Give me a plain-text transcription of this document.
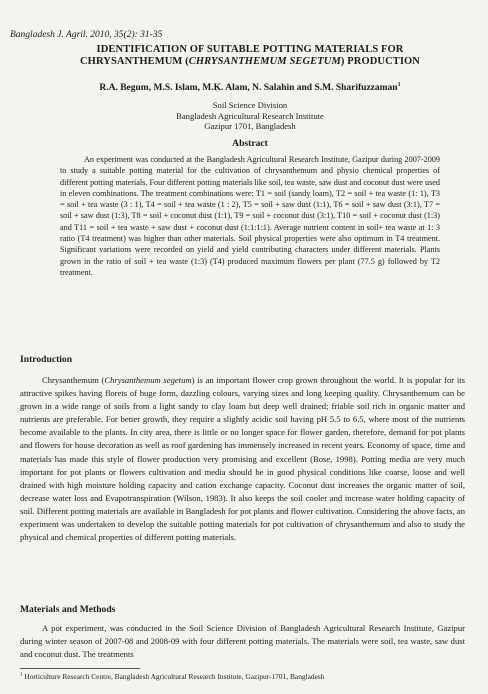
Bangladesh J. Agril. 2010, 35(2): 31-35
IDENTIFICATION OF SUITABLE POTTING MATERIALS FOR
CHRYSANTHEMUM (CHRYSANTHEMUM SEGETUM) PRODUCTION
R.A. Begum, M.S. Islam, M.K. Alam, N. Salahin and S.M. Sharifuzzaman$^1$
Soil Science Division
Bangladesh Agricultural Research Institute
Gazipur 1701, Bangladesh
Abstract
An experiment was conducted at the Bangladesh Agricultural Research Institute, Gazipur during 2007-2009 to study a suitable potting material for the cultivation of chrysanthemum and physio chemical properties of different potting materials. Four different potting materials like soil, tea waste, saw dust and coconut dust were used in eleven combinations. The treatment combinations were: T1 = soil (sandy loam), T2 = soil + tea waste (1: 1), T3 = soil + tea waste (3 : 1), T4 = soil + tea waste (1 : 2), T5 = soil + saw dust (1:1), T6 = soil + saw dust (3:1), T7 = soil + saw dust (1:3), T8 = soil + coconut dust (1:1), T9 = soil + coconut dust (3:1), T10 = soil + coconut dust (1:3) and T11 = soil + tea waste + saw dust + coconut dust (1:1:1:1). Average nutrient content in soil+ tea waste at 1: 3 ratio (T4 treatment) was higher than other materials. Soil physical properties were also optimum in T4 treatment. Significant variations were recorded on yield and yield contributing characters under different materials. Plants grown in the ratio of soil + tea waste (1:3) (T4) produced maximum flowers per plant (77.5 g) followed by T2 treatment.
Introduction
Chrysanthemum (Chrysanthemum segetum) is an important flower crop grown throughout the world. It is popular for its attractive spikes having florets of huge form, dazzling colours, varying sizes and long keeping quality. Chrysanthemum can be grown in a wide range of soils from a light sandy to clay loam but deep well drained; friable soil rich in organic matter and nutrients are preferable. For better growth, they require a slightly acidic soil having pH 5.5 to 6.5, where most of the nutrients become available to the plants. In city area, there is little or no longer space for flower garden, therefore, demand for pot plants and flowers for house decoration as well as roof gardening has immensely increased in recent years. Economy of space, time and materials has made this style of flower production very promising and excellent (Bose, 1998). Potting media are very much important for pot plants or flowers cultivation and media should be in good physical conditions like coarse, loose and well drained with high moisture holding capacity and cation exchange capacity. Coconut dust increases the organic matter of soil, decrease water loss and Evapotranspiration (Wilson, 1983). It also keeps the soil cooler and increase water holding capacity of soil. Different potting materials are available in Bangladesh for pot plants and flower cultivation. Considering the above facts, an experiment was undertaken to develop the suitable potting materials for pot cultivation of chrysanthemum and also to study the physical and chemical properties of different potting materials.
Materials and Methods
A pot experiment, was conducted in the Soil Science Division of Bangladesh Agricultural Research Institute, Gazipur during winter season of 2007-08 and 2008-09 with four different potting materials. The materials were soil, tea waste, saw dust and coconut dust. The treatments
$^1$ Horticulture Research Centre, Bangladesh Agricultural Research Institute, Gazipur-1701, Bangladesh
